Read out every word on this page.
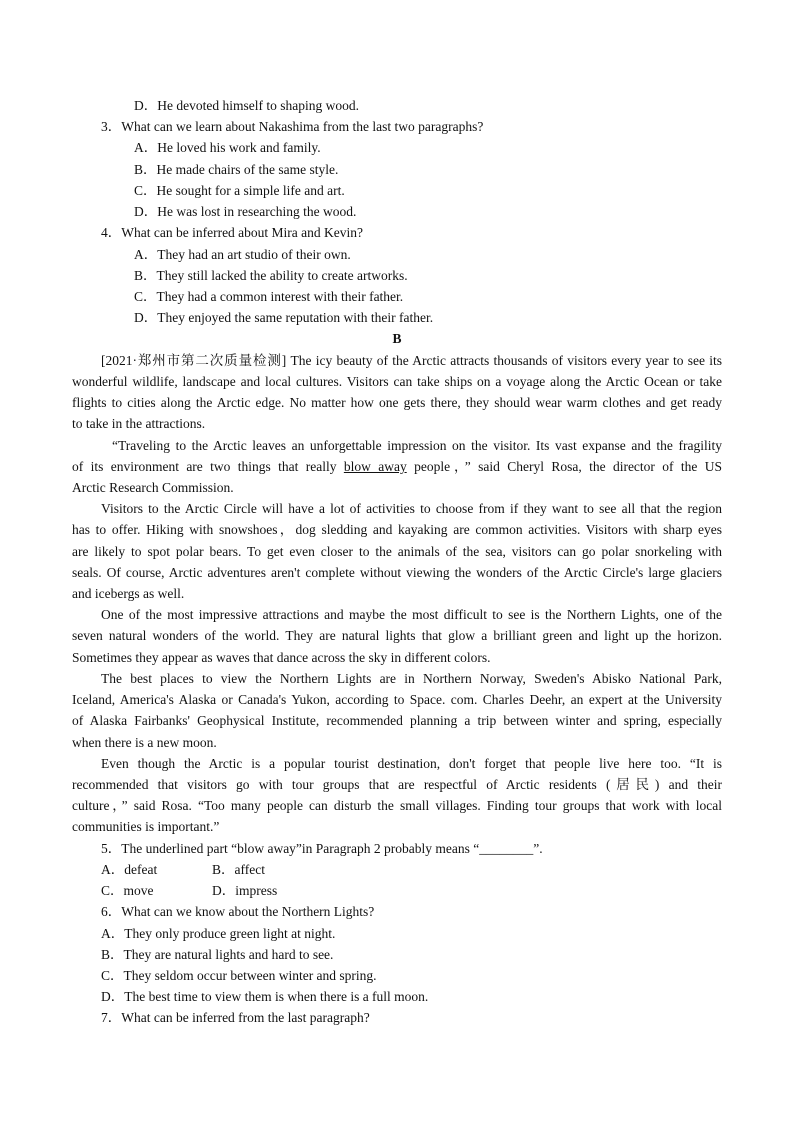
D．He devoted himself to shaping wood.
3．What can we learn about Nakashima from the last two paragraphs?
A．He loved his work and family.
B．He made chairs of the same style.
C．He sought for a simple life and art.
D．He was lost in researching the wood.
4．What can be inferred about Mira and Kevin?
A．They had an art studio of their own.
B．They still lacked the ability to create artworks.
C．They had a common interest with their father.
D．They enjoyed the same reputation with their father.
B
[2021·郑州市第二次质量检测] The icy beauty of the Arctic attracts thousands of visitors every year to see its
wonderful wildlife, landscape and local cultures. Visitors can take ships on a voyage along the Arctic Ocean or take
flights to cities along the Arctic edge. No matter how one gets there, they should wear warm clothes and get ready
to take in the attractions.
“Traveling to the Arctic leaves an unforgettable impression on the visitor. Its vast expanse and the fragility
of its environment are two things that really blow away people，” said Cheryl Rosa, the director of the US
Arctic Research Commission.
Visitors to the Arctic Circle will have a lot of activities to choose from if they want to see all that the region
has to offer. Hiking with snowshoes，dog sledding and kayaking are common activities. Visitors with sharp eyes
are likely to spot polar bears. To get even closer to the animals of the sea, visitors can go polar snorkeling with
seals. Of course, Arctic adventures aren't complete without viewing the wonders of the Arctic Circle's large glaciers
and icebergs as well.
One of the most impressive attractions and maybe the most difficult to see is the Northern Lights, one of the
seven natural wonders of the world. They are natural lights that glow a brilliant green and light up the horizon.
Sometimes they appear as waves that dance across the sky in different colors.
The best places to view the Northern Lights are in Northern Norway, Sweden's Abisko National Park,
Iceland, America's Alaska or Canada's Yukon, according to Space. com. Charles Deehr, an expert at the University
of Alaska Fairbanks' Geophysical Institute, recommended planning a trip between winter and spring, especially
when there is a new moon.
Even though the Arctic is a popular tourist destination, don't forget that people live here too. “It is
recommended that visitors go with tour groups that are respectful of Arctic residents (居民) and their
culture，” said Rosa. “Too many people can disturb the small villages. Finding tour groups that work with local
communities is important.”
5．The underlined part “blow away”in Paragraph 2 probably means “________”.
A．defeat	B．affect
C．move	D．impress
6．What can we know about the Northern Lights?
A．They only produce green light at night.
B．They are natural lights and hard to see.
C．They seldom occur between winter and spring.
D．The best time to view them is when there is a full moon.
7．What can be inferred from the last paragraph?
